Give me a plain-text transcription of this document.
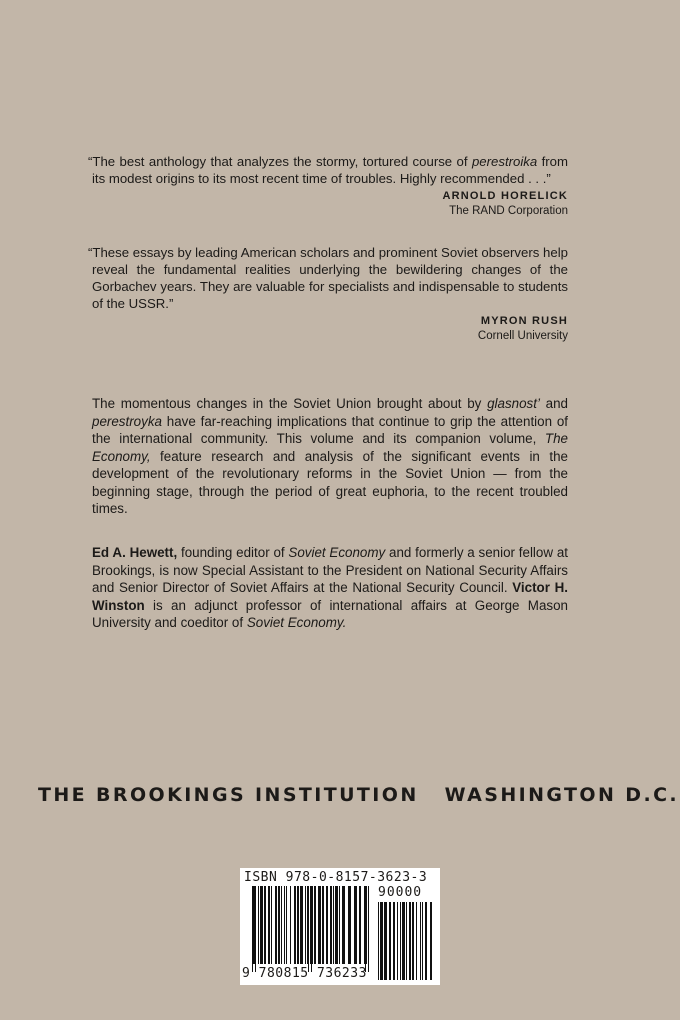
“The best anthology that analyzes the stormy, tortured course of perestroika from its modest origins to its most recent time of troubles. Highly recommended . . .”

ARNOLD HORELICK
The RAND Corporation

“These essays by leading American scholars and prominent Soviet observers help reveal the fundamental realities underlying the bewildering changes of the Gorbachev years. They are valuable for specialists and indispensable to students of the USSR.”

MYRON RUSH
Cornell University

The momentous changes in the Soviet Union brought about by glasnost’ and perestroyka have far-reaching implications that continue to grip the attention of the international community. This volume and its companion volume, The Economy, feature research and analysis of the significant events in the development of the revolutionary reforms in the Soviet Union — from the beginning stage, through the period of great euphoria, to the recent troubled times.

Ed A. Hewett, founding editor of Soviet Economy and formerly a senior fellow at Brookings, is now Special Assistant to the President on National Security Affairs and Senior Director of Soviet Affairs at the National Security Council. Victor H. Winston is an adjunct professor of international affairs at George Mason University and coeditor of Soviet Economy.

THE BROOKINGS INSTITUTION WASHINGTON D.C.
ISBN 978-0-8157-3623-3
90000
9 780815 736233
